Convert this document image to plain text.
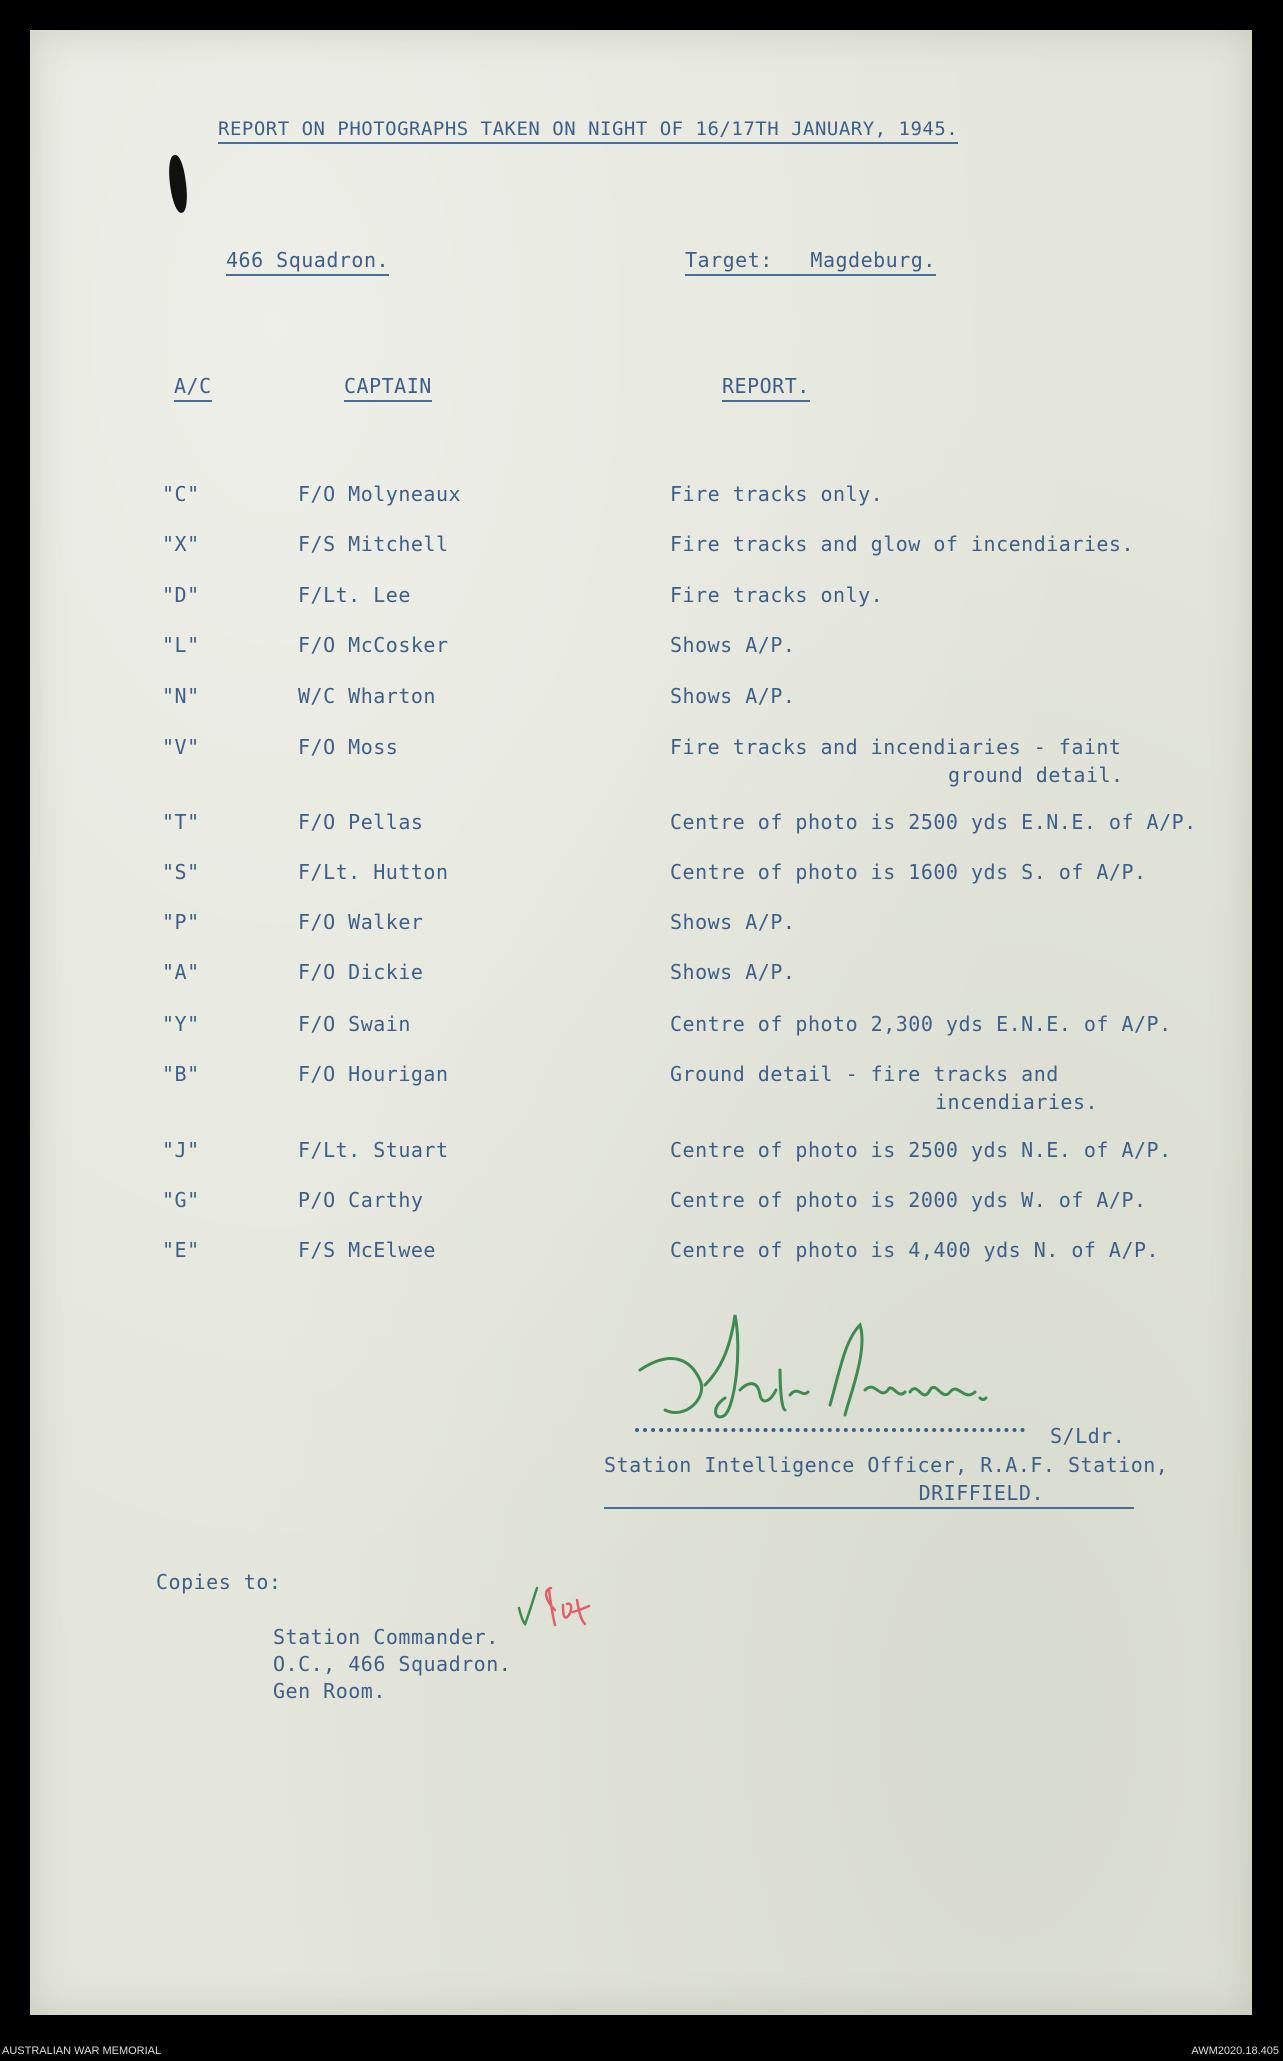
REPORT ON PHOTOGRAPHS TAKEN ON NIGHT OF 16/17TH JANUARY, 1945.
466 Squadron.	Target:   Magdeburg.
A/C	CAPTAIN	REPORT.
"C"	F/O Molyneaux	Fire tracks only.
"X"	F/S Mitchell	Fire tracks and glow of incendiaries.
"D"	F/Lt. Lee	Fire tracks only.
"L"	F/O McCosker	Shows A/P.
"N"	W/C Wharton	Shows A/P.
"V"	F/O Moss	Fire tracks and incendiaries - faint
ground detail.
"T"	F/O Pellas	Centre of photo is 2500 yds E.N.E. of A/P.
"S"	F/Lt. Hutton	Centre of photo is 1600 yds S. of A/P.
"P"	F/O Walker	Shows A/P.
"A"	F/O Dickie	Shows A/P.
"Y"	F/O Swain	Centre of photo 2,300 yds E.N.E. of A/P.
"B"	F/O Hourigan	Ground detail - fire tracks and
incendiaries.
"J"	F/Lt. Stuart	Centre of photo is 2500 yds N.E. of A/P.
"G"	P/O Carthy	Centre of photo is 2000 yds W. of A/P.
"E"	F/S McElwee	Centre of photo is 4,400 yds N. of A/P.
S/Ldr.
Station Intelligence Officer, R.A.F. Station,
DRIFFIELD.
Copies to:
Station Commander.
O.C., 466 Squadron.
Gen Room.
AUSTRALIAN WAR MEMORIAL	AWM2020.18.405
